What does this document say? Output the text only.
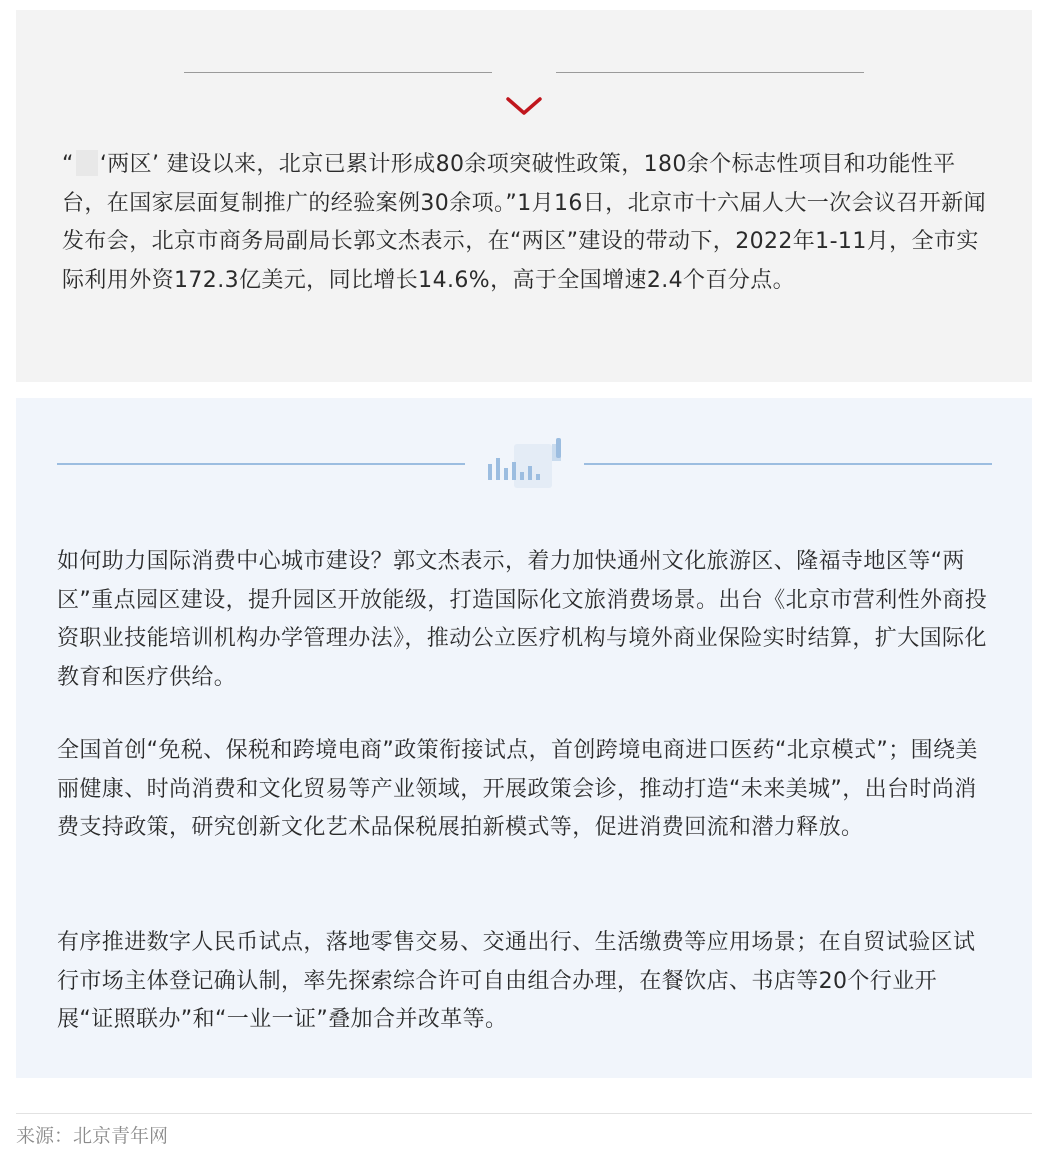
“ ‘两区’ 建设以来，北京已累计形成80余项突破性政策，180余个标志性项目和功能性平台，在国家层面复制推广的经验案例30余项。”1月16日，北京市十六届人大一次会议召开新闻发布会，北京市商务局副局长郭文杰表示，在“两区”建设的带动下，2022年1-11月，全市实际利用外资172.3亿美元，同比增长14.6%，高于全国增速2.4个百分点。

如何助力国际消费中心城市建设？郭文杰表示，着力加快通州文化旅游区、隆福寺地区等“两区”重点园区建设，提升园区开放能级，打造国际化文旅消费场景。出台《北京市营利性外商投资职业技能培训机构办学管理办法》，推动公立医疗机构与境外商业保险实时结算，扩大国际化教育和医疗供给。

全国首创“免税、保税和跨境电商”政策衔接试点，首创跨境电商进口医药“北京模式”；围绕美丽健康、时尚消费和文化贸易等产业领域，开展政策会诊，推动打造“未来美城”，出台时尚消费支持政策，研究创新文化艺术品保税展拍新模式等，促进消费回流和潜力释放。

有序推进数字人民币试点，落地零售交易、交通出行、生活缴费等应用场景；在自贸试验区试行市场主体登记确认制，率先探索综合许可自由组合办理，在餐饮店、书店等20个行业开展“证照联办”和“一业一证”叠加合并改革等。

来源：北京青年网
